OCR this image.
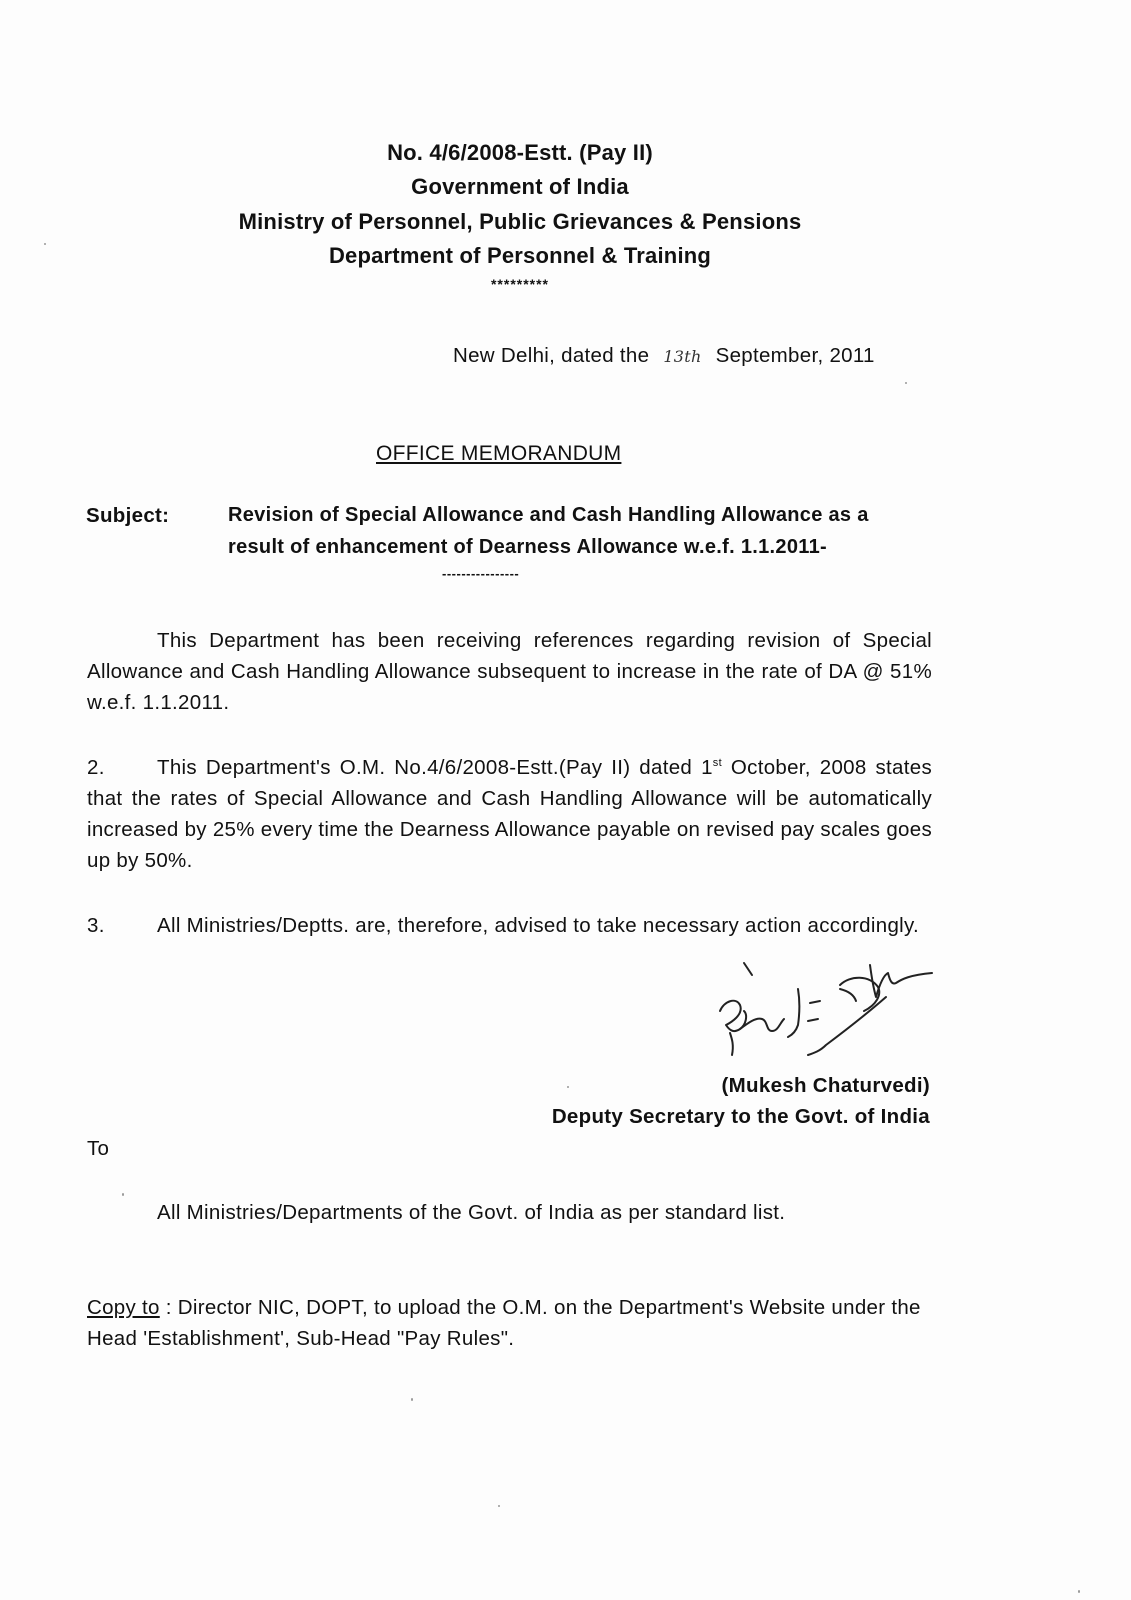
No. 4/6/2008-Estt. (Pay II)
Government of India
Ministry of Personnel, Public Grievances & Pensions
Department of Personnel & Training
*********
New Delhi, dated the 13th September, 2011
OFFICE MEMORANDUM
Subject:	Revision of Special Allowance and Cash Handling Allowance as a
result of enhancement of Dearness Allowance w.e.f. 1.1.2011-
----------------
This Department has been receiving references regarding revision of Special Allowance and Cash Handling Allowance subsequent to increase in the rate of DA @ 51% w.e.f. 1.1.2011.
2.	This Department's O.M. No.4/6/2008-Estt.(Pay II) dated 1st October, 2008 states that the rates of Special Allowance and Cash Handling Allowance will be automatically increased by 25% every time the Dearness Allowance payable on revised pay scales goes up by 50%.
3.	All Ministries/Deptts. are, therefore, advised to take necessary action accordingly.
(Mukesh Chaturvedi)
Deputy Secretary to the Govt. of India
To
All Ministries/Departments of the Govt. of India as per standard list.
Copy to : Director NIC, DOPT, to upload the O.M. on the Department's Website under the Head 'Establishment', Sub-Head "Pay Rules".
